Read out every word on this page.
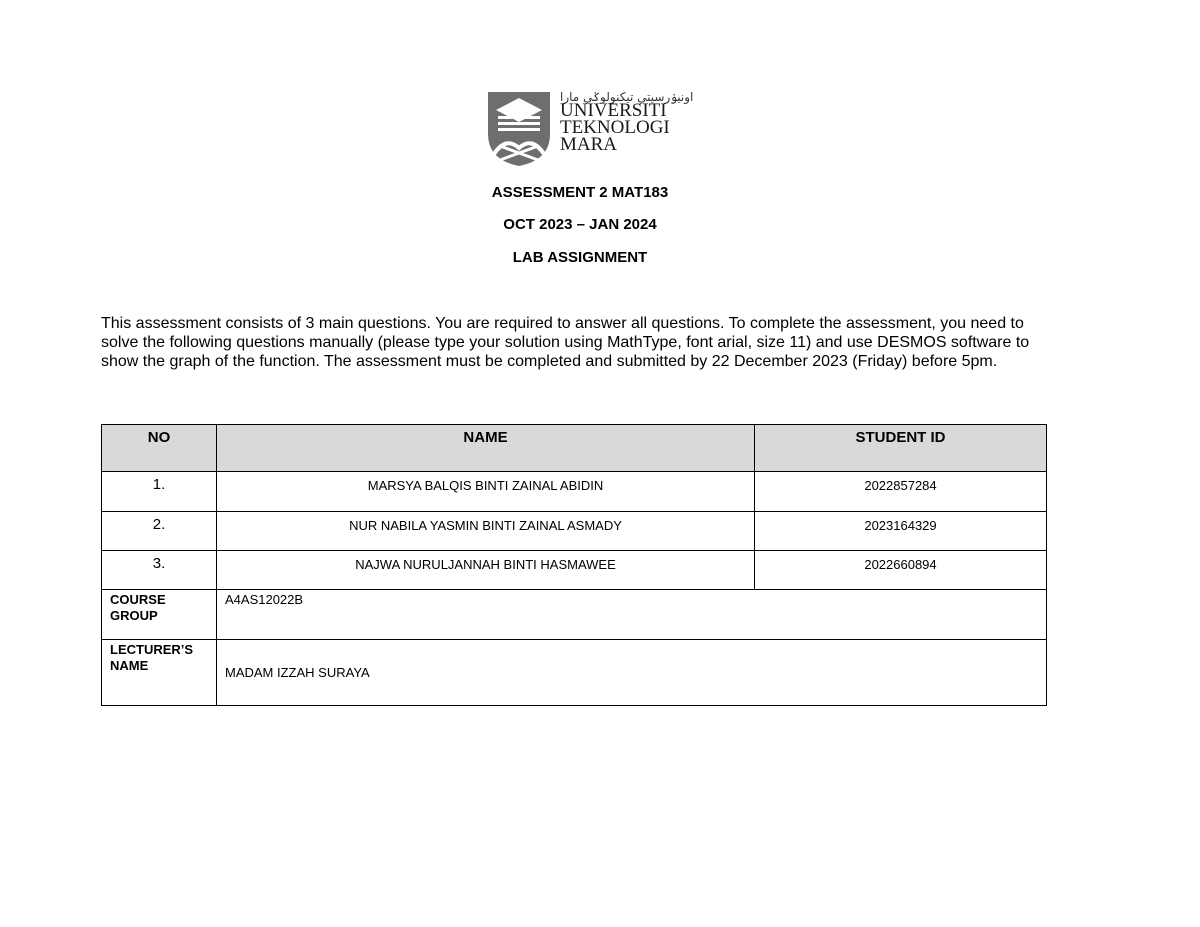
اونيۏرسيتي تيكنولوݢي مارا
UNIVERSITI
TEKNOLOGI
MARA
ASSESSMENT 2 MAT183
OCT 2023 – JAN 2024
LAB ASSIGNMENT
This assessment consists of 3 main questions. You are required to answer all questions. To complete the assessment, you need to solve the following questions manually (please type your solution using MathType, font arial, size 11) and use DESMOS software to show the graph of the function. The assessment must be completed and submitted by 22 December 2023 (Friday) before 5pm.
NO	NAME	STUDENT ID
1.	MARSYA BALQIS BINTI ZAINAL ABIDIN	2022857284
2.	NUR NABILA YASMIN BINTI ZAINAL ASMADY	2023164329
3.	NAJWA NURULJANNAH BINTI HASMAWEE	2022660894
COURSE GROUP	A4AS12022B	
LECTURER’S NAME	MADAM IZZAH SURAYA	
